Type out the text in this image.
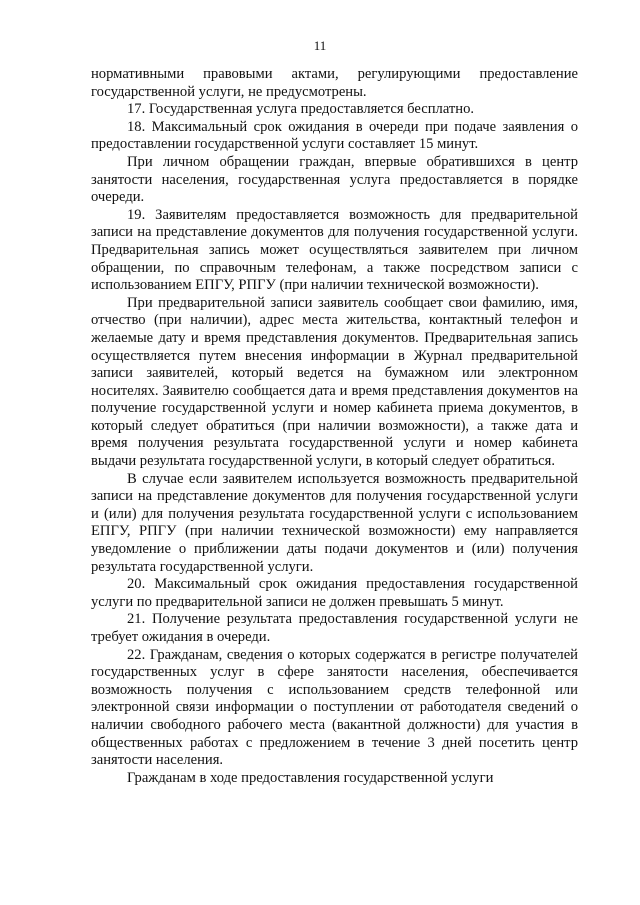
11

нормативными правовыми актами, регулирующими предоставление государственной услуги, не предусмотрены.

17. Государственная услуга предоставляется бесплатно.

18. Максимальный срок ожидания в очереди при подаче заявления о предоставлении государственной услуги составляет 15 минут.

При личном обращении граждан, впервые обратившихся в центр занятости населения, государственная услуга предоставляется в порядке очереди.

19. Заявителям предоставляется возможность для предварительной записи на представление документов для получения государственной услуги. Предварительная запись может осуществляться заявителем при личном обращении, по справочным телефонам, а также посредством записи с использованием ЕПГУ, РПГУ (при наличии технической возможности).

При предварительной записи заявитель сообщает свои фамилию, имя, отчество (при наличии), адрес места жительства, контактный телефон и желаемые дату и время представления документов. Предварительная запись осуществляется путем внесения информации в Журнал предварительной записи заявителей, который ведется на бумажном или электронном носителях. Заявителю сообщается дата и время представления документов на получение государственной услуги и номер кабинета приема документов, в который следует обратиться (при наличии возможности), а также дата и время получения результата государственной услуги и номер кабинета выдачи результата государственной услуги, в который следует обратиться.

В случае если заявителем используется возможность предварительной записи на представление документов для получения государственной услуги и (или) для получения результата государственной услуги с использованием ЕПГУ, РПГУ (при наличии технической возможности) ему направляется уведомление о приближении даты подачи документов и (или) получения результата государственной услуги.

20. Максимальный срок ожидания предоставления государственной услуги по предварительной записи не должен превышать 5 минут.

21. Получение результата предоставления государственной услуги не требует ожидания в очереди.

22. Гражданам, сведения о которых содержатся в регистре получателей государственных услуг в сфере занятости населения, обеспечивается возможность получения с использованием средств телефонной или электронной связи информации о поступлении от работодателя сведений о наличии свободного рабочего места (вакантной должности) для участия в общественных работах с предложением в течение 3 дней посетить центр занятости населения.

Гражданам в ходе предоставления государственной услуги
